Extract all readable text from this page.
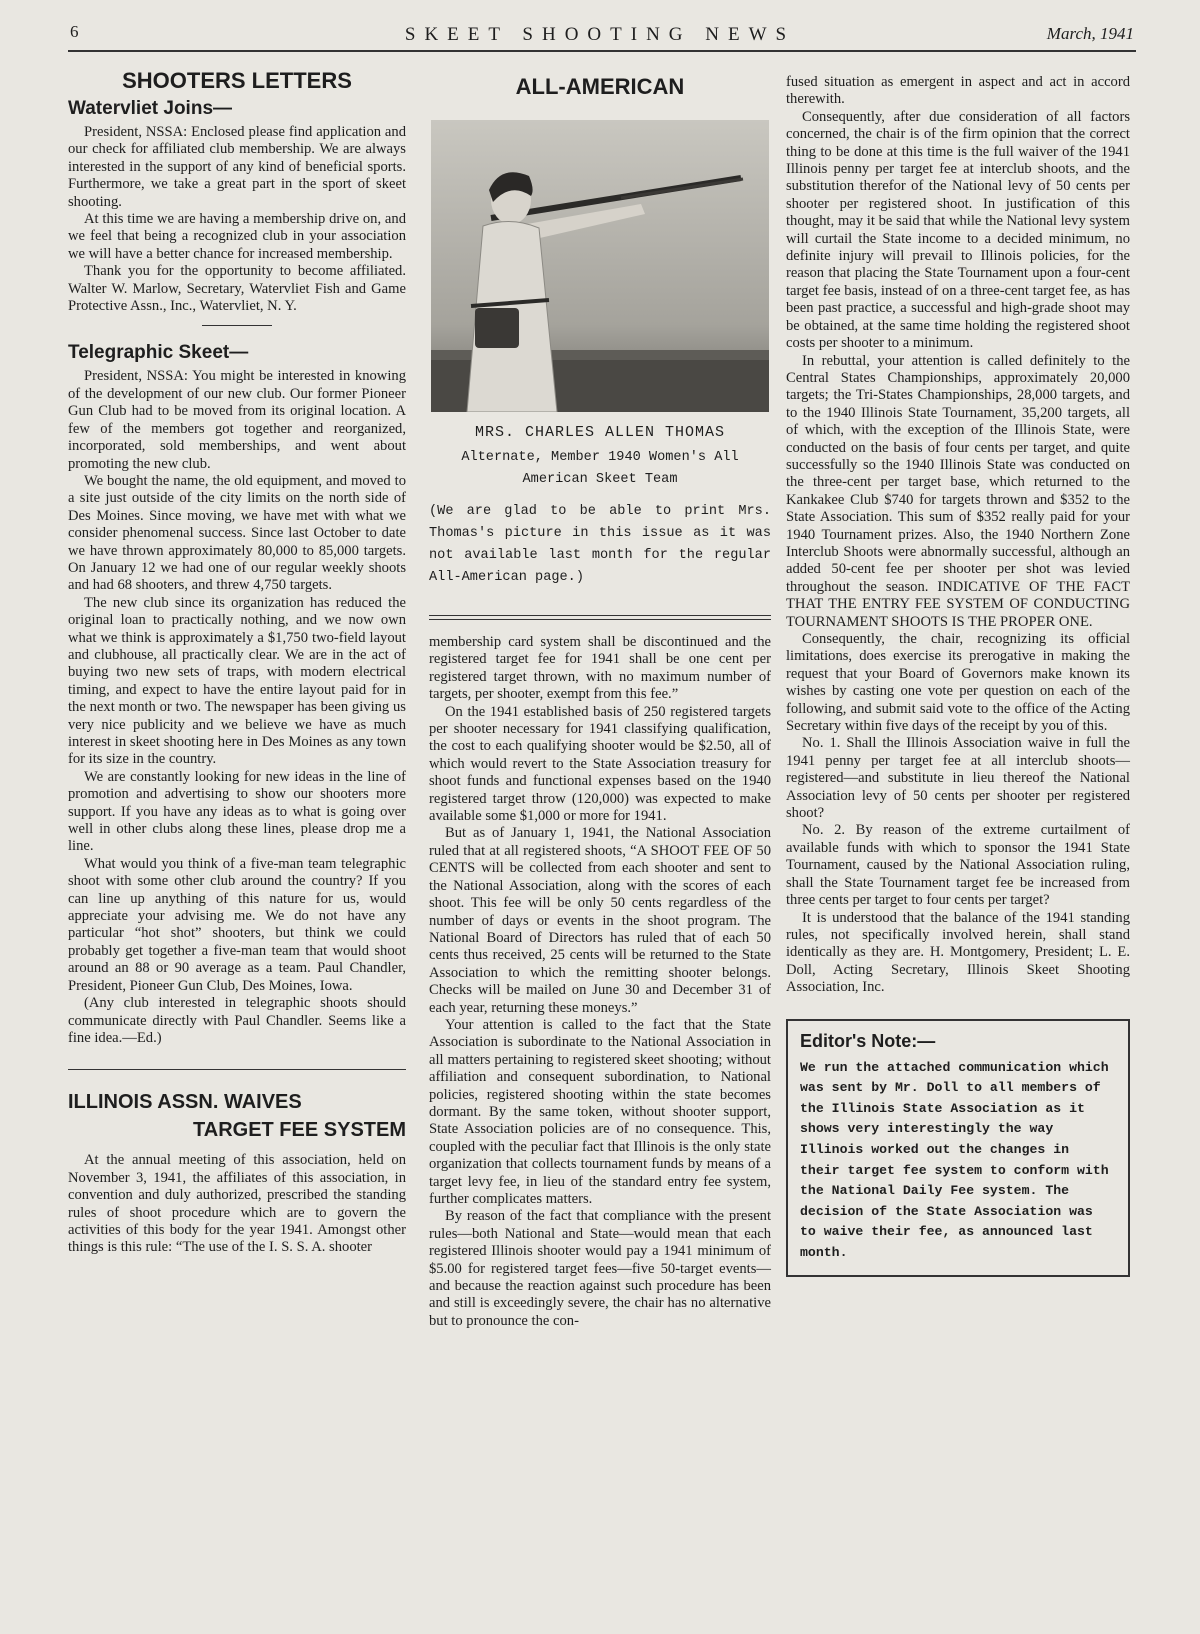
6	SKEET SHOOTING NEWS	March, 1941
SHOOTERS LETTERS
Watervliet Joins—

President, NSSA: Enclosed please find application and our check for affiliated club membership. We are always interested in the support of any kind of beneficial sports. Furthermore, we take a great part in the sport of skeet shooting.

At this time we are having a membership drive on, and we feel that being a recognized club in your association we will have a better chance for increased membership.

Thank you for the opportunity to become affiliated. Walter W. Marlow, Secretary, Watervliet Fish and Game Protective Assn., Inc., Watervliet, N. Y.

Telegraphic Skeet—

President, NSSA: You might be interested in knowing of the development of our new club. Our former Pioneer Gun Club had to be moved from its original location. A few of the members got together and reorganized, incorporated, sold memberships, and went about promoting the new club.

We bought the name, the old equipment, and moved to a site just outside of the city limits on the north side of Des Moines. Since moving, we have met with what we consider phenomenal success. Since last October to date we have thrown approximately 80,000 to 85,000 targets. On January 12 we had one of our regular weekly shoots and had 68 shooters, and threw 4,750 targets.

The new club since its organization has reduced the original loan to practically nothing, and we now own what we think is approximately a $1,750 two-field layout and clubhouse, all practically clear. We are in the act of buying two new sets of traps, with modern electrical timing, and expect to have the entire layout paid for in the next month or two. The newspaper has been giving us very nice publicity and we believe we have as much interest in skeet shooting here in Des Moines as any town for its size in the country.

We are constantly looking for new ideas in the line of promotion and advertising to show our shooters more support. If you have any ideas as to what is going over well in other clubs along these lines, please drop me a line.

What would you think of a five-man team telegraphic shoot with some other club around the country? If you can line up anything of this nature for us, would appreciate your advising me. We do not have any particular “hot shot” shooters, but think we could probably get together a five-man team that would shoot around an 88 or 90 average as a team. Paul Chandler, President, Pioneer Gun Club, Des Moines, Iowa.

(Any club interested in telegraphic shoots should communicate directly with Paul Chandler. Seems like a fine idea.—Ed.)

ILLINOIS ASSN. WAIVES
TARGET FEE SYSTEM

At the annual meeting of this association, held on November 3, 1941, the affiliates of this association, in convention and duly authorized, prescribed the standing rules of shoot procedure which are to govern the activities of this body for the year 1941. Amongst other things is this rule: “The use of the I. S. S. A. shooter

ALL-AMERICAN
MRS. CHARLES ALLEN THOMAS
Alternate, Member 1940 Women's All American Skeet Team
(We are glad to be able to print Mrs. Thomas's picture in this issue as it was not available last month for the regular All-American page.)

membership card system shall be discontinued and the registered target fee for 1941 shall be one cent per registered target thrown, with no maximum number of targets, per shooter, exempt from this fee.”

On the 1941 established basis of 250 registered targets per shooter necessary for 1941 classifying qualification, the cost to each qualifying shooter would be $2.50, all of which would revert to the State Association treasury for shoot funds and functional expenses based on the 1940 registered target throw (120,000) was expected to make available some $1,000 or more for 1941.

But as of January 1, 1941, the National Association ruled that at all registered shoots, “A SHOOT FEE OF 50 CENTS will be collected from each shooter and sent to the National Association, along with the scores of each shoot. This fee will be only 50 cents regardless of the number of days or events in the shoot program. The National Board of Directors has ruled that of each 50 cents thus received, 25 cents will be returned to the State Association to which the remitting shooter belongs. Checks will be mailed on June 30 and December 31 of each year, returning these moneys.”

Your attention is called to the fact that the State Association is subordinate to the National Association in all matters pertaining to registered skeet shooting; without affiliation and consequent subordination, to National policies, registered shooting within the state becomes dormant. By the same token, without shooter support, State Association policies are of no consequence. This, coupled with the peculiar fact that Illinois is the only state organization that collects tournament funds by means of a target levy fee, in lieu of the standard entry fee system, further complicates matters.

By reason of the fact that compliance with the present rules—both National and State—would mean that each registered Illinois shooter would pay a 1941 minimum of $5.00 for registered target fees—five 50-target events—and because the reaction against such procedure has been and still is exceedingly severe, the chair has no alternative but to pronounce the con-

fused situation as emergent in aspect and act in accord therewith.

Consequently, after due consideration of all factors concerned, the chair is of the firm opinion that the correct thing to be done at this time is the full waiver of the 1941 Illinois penny per target fee at interclub shoots, and the substitution therefor of the National levy of 50 cents per shooter per registered shoot. In justification of this thought, may it be said that while the National levy system will curtail the State income to a decided minimum, no definite injury will prevail to Illinois policies, for the reason that placing the State Tournament upon a four-cent target fee basis, instead of on a three-cent target fee, as has been past practice, a successful and high-grade shoot may be obtained, at the same time holding the registered shoot costs per shooter to a minimum.

In rebuttal, your attention is called definitely to the Central States Championships, approximately 20,000 targets; the Tri-States Championships, 28,000 targets, and to the 1940 Illinois State Tournament, 35,200 targets, all of which, with the exception of the Illinois State, were conducted on the basis of four cents per target, and quite successfully so the 1940 Illinois State was conducted on the three-cent per target base, which returned to the Kankakee Club $740 for targets thrown and $352 to the State Association. This sum of $352 really paid for your 1940 Tournament prizes. Also, the 1940 Northern Zone Interclub Shoots were abnormally successful, although an added 50-cent fee per shooter per shot was levied throughout the season. INDICATIVE OF THE FACT THAT THE ENTRY FEE SYSTEM OF CONDUCTING TOURNAMENT SHOOTS IS THE PROPER ONE.

Consequently, the chair, recognizing its official limitations, does exercise its prerogative in making the request that your Board of Governors make known its wishes by casting one vote per question on each of the following, and submit said vote to the office of the Acting Secretary within five days of the receipt by you of this.

No. 1. Shall the Illinois Association waive in full the 1941 penny per target fee at all interclub shoots—registered—and substitute in lieu thereof the National Association levy of 50 cents per shooter per registered shoot?

No. 2. By reason of the extreme curtailment of available funds with which to sponsor the 1941 State Tournament, caused by the National Association ruling, shall the State Tournament target fee be increased from three cents per target to four cents per target?

It is understood that the balance of the 1941 standing rules, not specifically involved herein, shall stand identically as they are. H. Montgomery, President; L. E. Doll, Acting Secretary, Illinois Skeet Shooting Association, Inc.

Editor's Note:—
We run the attached communication which was sent by Mr. Doll to all members of the Illinois State Association as it shows very interestingly the way Illinois worked out the changes in their target fee system to conform with the National Daily Fee system. The decision of the State Association was to waive their fee, as announced last month.
